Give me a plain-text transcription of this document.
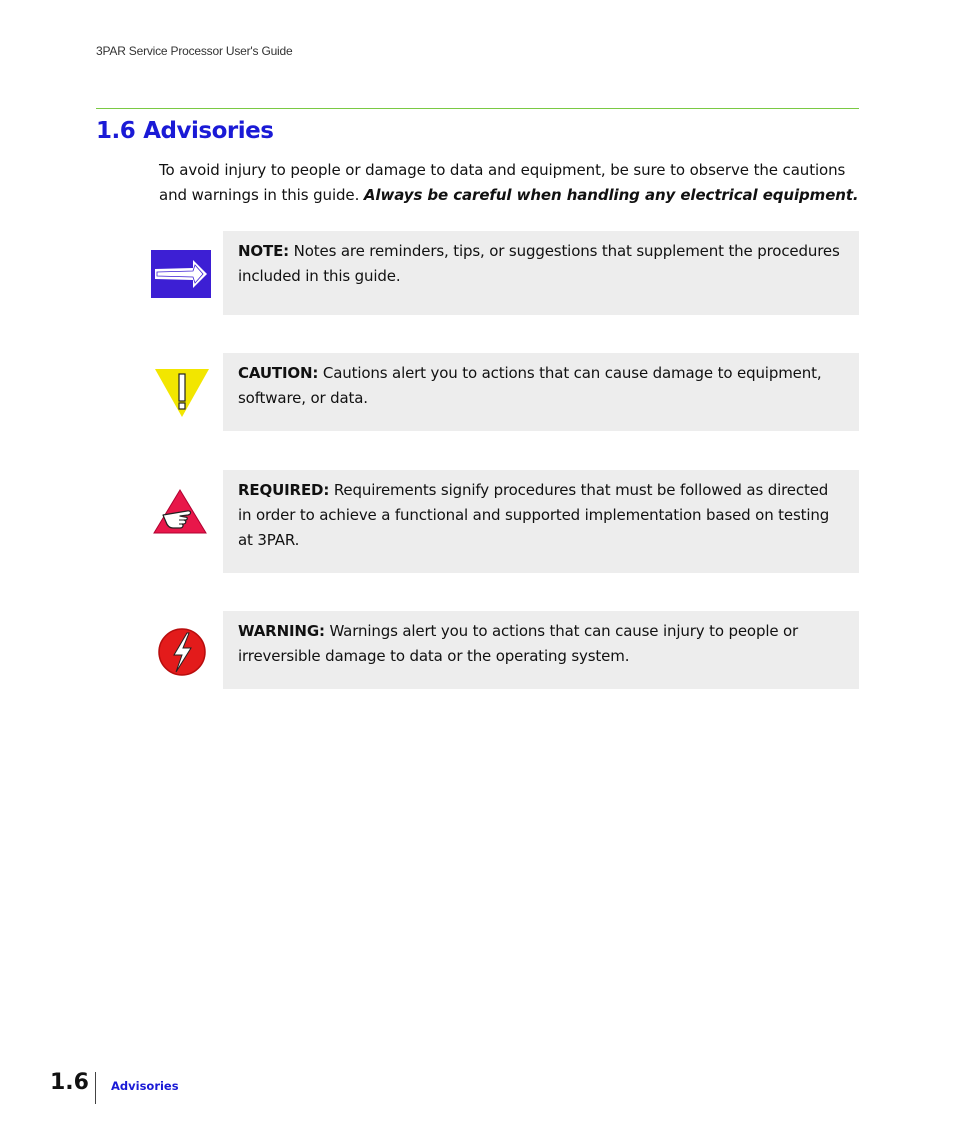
3PAR Service Processor User's Guide
1.6 Advisories

To avoid injury to people or damage to data and equipment, be sure to observe the cautions and warnings in this guide. Always be careful when handling any electrical equipment.

NOTE: Notes are reminders, tips, or suggestions that supplement the procedures included in this guide.

CAUTION: Cautions alert you to actions that can cause damage to equipment, software, or data.

REQUIRED: Requirements signify procedures that must be followed as directed in order to achieve a functional and supported implementation based on testing at 3PAR.

WARNING: Warnings alert you to actions that can cause injury to people or irreversible damage to data or the operating system.

1.6 Advisories
